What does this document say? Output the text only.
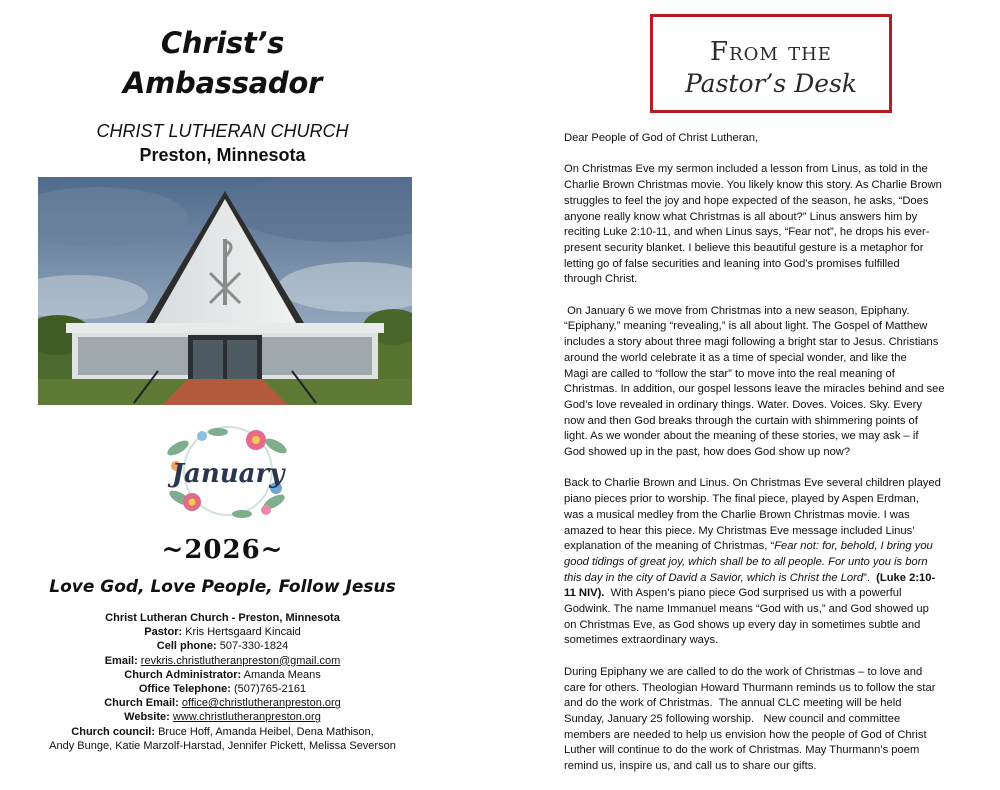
Christ’s
Ambassador
CHRIST LUTHERAN CHURCH
Preston, Minnesota
January
~2026~
Love God, Love People, Follow Jesus
Christ Lutheran Church - Preston, Minnesota
Pastor: Kris Hertsgaard Kincaid
Cell phone: 507-330-1824
Email: revkris.christlutheranpreston@gmail.com
Church Administrator: Amanda Means
Office Telephone: (507)765-2161
Church Email: office@christlutheranpreston.org
Website: www.christlutheranpreston.org
Church council: Bruce Hoff, Amanda Heibel, Dena Mathison,
Andy Bunge, Katie Marzolf-Harstad, Jennifer Pickett, Melissa Severson
From the
Pastor’s Desk

Dear People of God of Christ Lutheran,

On Christmas Eve my sermon included a lesson from Linus, as told in the
Charlie Brown Christmas movie. You likely know this story. As Charlie Brown
struggles to feel the joy and hope expected of the season, he asks, “Does
anyone really know what Christmas is all about?” Linus answers him by
reciting Luke 2:10-11, and when Linus says, “Fear not”, he drops his ever-
present security blanket. I believe this beautiful gesture is a metaphor for
letting go of false securities and leaning into God’s promises fulfilled
through Christ.

On January 6 we move from Christmas into a new season, Epiphany.
“Epiphany,” meaning “revealing,” is all about light. The Gospel of Matthew
includes a story about three magi following a bright star to Jesus. Christians
around the world celebrate it as a time of special wonder, and like the
Magi are called to “follow the star” to move into the real meaning of
Christmas. In addition, our gospel lessons leave the miracles behind and see
God’s love revealed in ordinary things. Water. Doves. Voices. Sky. Every
now and then God breaks through the curtain with shimmering points of
light. As we wonder about the meaning of these stories, we may ask – if
God showed up in the past, how does God show up now?

Back to Charlie Brown and Linus. On Christmas Eve several children played
piano pieces prior to worship. The final piece, played by Aspen Erdman,
was a musical medley from the Charlie Brown Christmas movie. I was
amazed to hear this piece. My Christmas Eve message included Linus’
explanation of the meaning of Christmas, “Fear not: for, behold, I bring you
good tidings of great joy, which shall be to all people. For unto you is born
this day in the city of David a Savior, which is Christ the Lord”.  (Luke 2:10-
11 NIV).  With Aspen’s piano piece God surprised us with a powerful
Godwink. The name Immanuel means “God with us,” and God showed up
on Christmas Eve, as God shows up every day in sometimes subtle and
sometimes extraordinary ways.

During Epiphany we are called to do the work of Christmas – to love and
care for others. Theologian Howard Thurmann reminds us to follow the star
and do the work of Christmas.  The annual CLC meeting will be held
Sunday, January 25 following worship.   New council and committee
members are needed to help us envision how the people of God of Christ
Luther will continue to do the work of Christmas. May Thurmann’s poem
remind us, inspire us, and call us to share our gifts.
